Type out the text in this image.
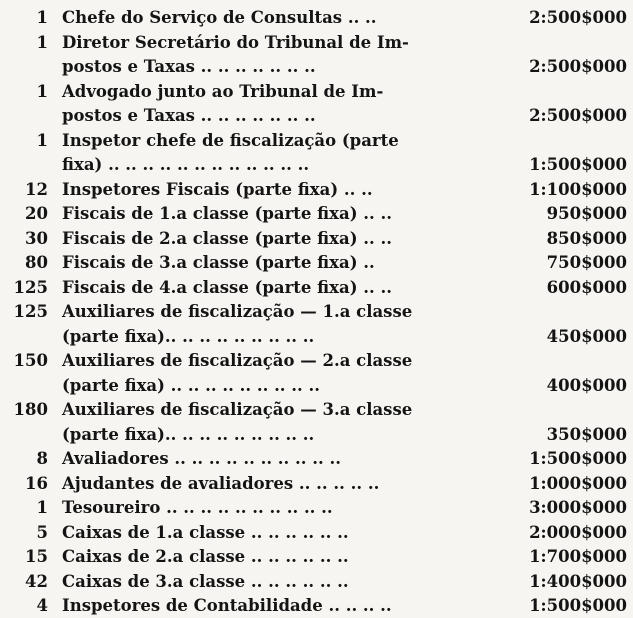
1 Chefe do Serviço de Consultas .. ..	2:500$000
1 Diretor Secretário do Tribunal de Im-
postos e Taxas .. .. .. .. .. .. ..	2:500$000
1 Advogado junto ao Tribunal de Im-
postos e Taxas .. .. .. .. .. .. ..	2:500$000
1 Inspetor chefe de fiscalização (parte
fixa) .. .. .. .. .. .. .. .. .. .. .. ..	1:500$000
12 Inspetores Fiscais (parte fixa) .. ..	1:100$000
20 Fiscais de 1.a classe (parte fixa) .. ..	950$000
30 Fiscais de 2.a classe (parte fixa) .. ..	850$000
80 Fiscais de 3.a classe (parte fixa) ..	750$000
125 Fiscais de 4.a classe (parte fixa) .. ..	600$000
125 Auxiliares de fiscalização — 1.a classe
(parte fixa).. .. .. .. .. .. .. .. ..	450$000
150 Auxiliares de fiscalização — 2.a classe
(parte fixa) .. .. .. .. .. .. .. .. ..	400$000
180 Auxiliares de fiscalização — 3.a classe
(parte fixa).. .. .. .. .. .. .. .. ..	350$000
8 Avaliadores .. .. .. .. .. .. .. .. .. ..	1:500$000
16 Ajudantes de avaliadores .. .. .. .. ..	1:000$000
1 Tesoureiro .. .. .. .. .. .. .. .. .. ..	3:000$000
5 Caixas de 1.a classe .. .. .. .. .. ..	2:000$000
15 Caixas de 2.a classe .. .. .. .. .. ..	1:700$000
42 Caixas de 3.a classe .. .. .. .. .. ..	1:400$000
4 Inspetores de Contabilidade .. .. .. ..	1:500$000
